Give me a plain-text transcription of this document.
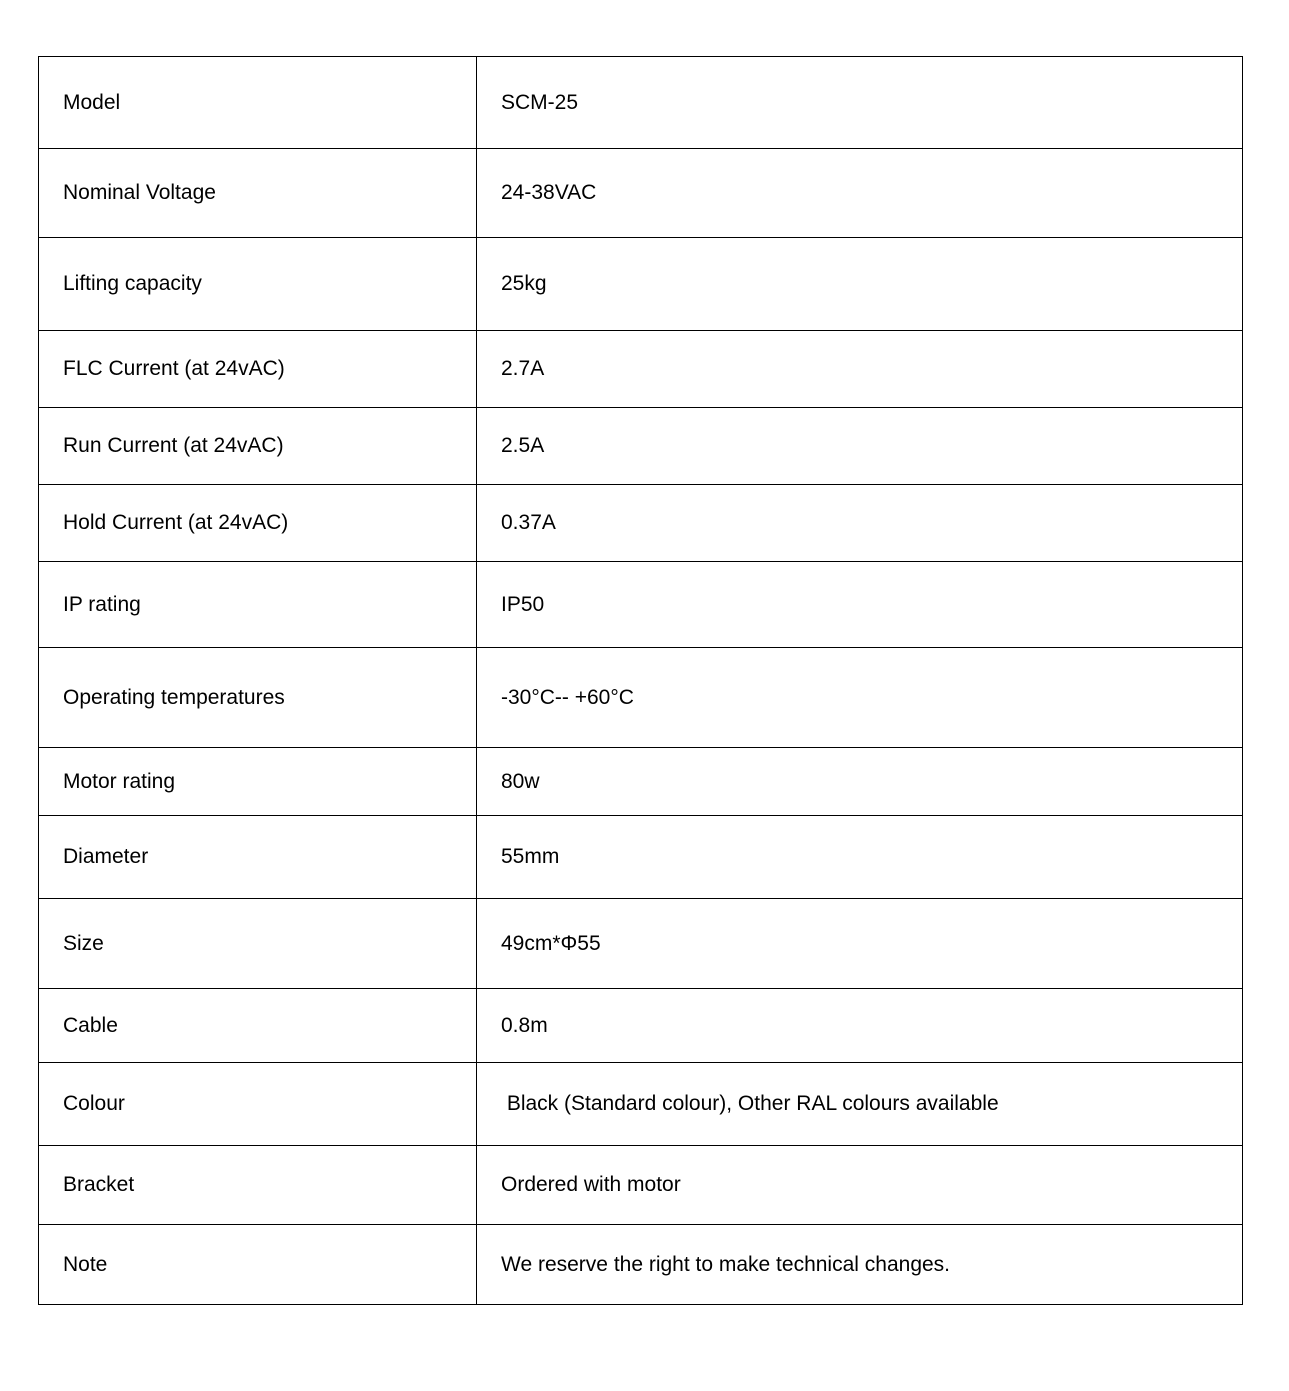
Model	SCM-25
Nominal Voltage	24-38VAC
Lifting capacity	25kg
FLC Current (at 24vAC)	2.7A
Run Current (at 24vAC)	2.5A
Hold Current (at 24vAC)	0.37A
IP rating	IP50
Operating temperatures	-30°C-- +60°C
Motor rating	80w
Diameter	55mm
Size	49cm*Φ55
Cable	0.8m
Colour	Black (Standard colour), Other RAL colours available
Bracket	Ordered with motor
Note	We reserve the right to make technical changes.
